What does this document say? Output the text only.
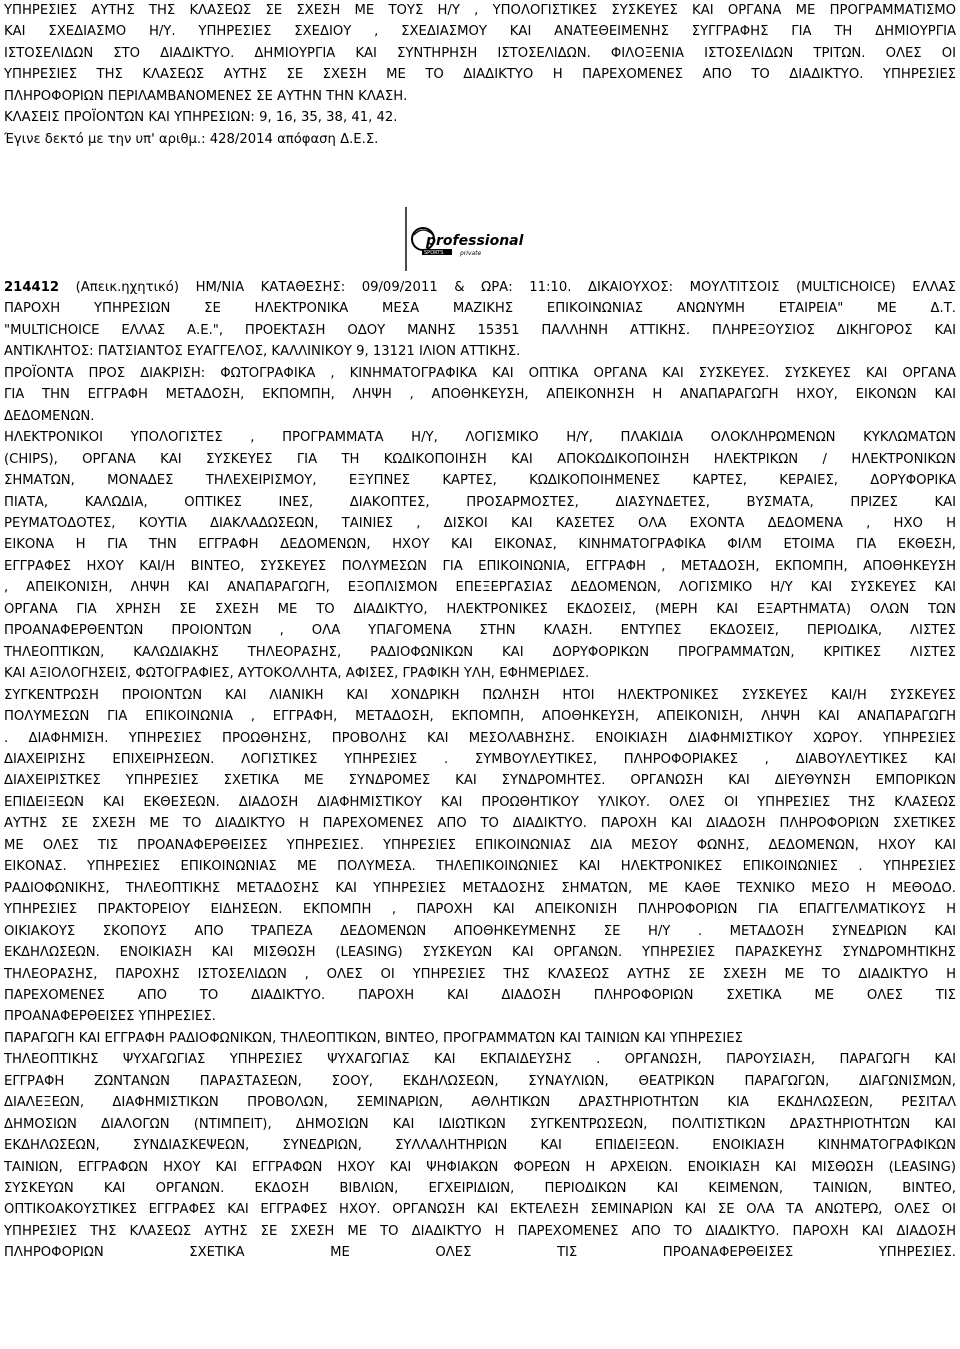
ΥΠΗΡΕΣΙΕΣ ΑΥΤΗΣ ΤΗΣ ΚΛΑΣΕΩΣ ΣΕ ΣΧΕΣΗ ΜΕ ΤΟΥΣ Η/Υ , ΥΠΟΛΟΓΙΣΤΙΚΕΣ ΣΥΣΚΕΥΕΣ ΚΑΙ ΟΡΓΑΝΑ ΜΕ ΠΡΟΓΡΑΜΜΑΤΙΣΜΟ
ΚΑΙ ΣΧΕΔΙΑΣΜΟ Η/Υ. ΥΠΗΡΕΣΙΕΣ ΣΧΕΔΙΟΥ , ΣΧΕΔΙΑΣΜΟΥ ΚΑΙ ΑΝΑΤΕΘΕΙΜΕΝΗΣ ΣΥΓΓΡΑΦΗΣ ΓΙΑ ΤΗ ΔΗΜΙΟΥΡΓΙΑ
ΙΣΤΟΣΕΛΙΔΩΝ ΣΤΟ ΔΙΑΔΙΚΤΥΟ. ΔΗΜΙΟΥΡΓΙΑ ΚΑΙ ΣΥΝΤΗΡΗΣΗ ΙΣΤΟΣΕΛΙΔΩΝ. ΦΙΛΟΞΕΝΙΑ ΙΣΤΟΣΕΛΙΔΩΝ ΤΡΙΤΩΝ. ΟΛΕΣ ΟΙ
ΥΠΗΡΕΣΙΕΣ ΤΗΣ ΚΛΑΣΕΩΣ ΑΥΤΗΣ ΣΕ ΣΧΕΣΗ ΜΕ ΤΟ ΔΙΑΔΙΚΤΥΟ Η ΠΑΡΕΧΟΜΕΝΕΣ ΑΠΟ ΤΟ ΔΙΑΔΙΚΤΥΟ. ΥΠΗΡΕΣΙΕΣ
ΠΛΗΡΟΦΟΡΙΩΝ ΠΕΡΙΛΑΜΒΑΝΟΜΕΝΕΣ ΣΕ ΑΥΤΗΝ ΤΗΝ ΚΛΑΣΗ.
ΚΛΑΣΕΙΣ ΠΡΟΪΟΝΤΩΝ ΚΑΙ ΥΠΗΡΕΣΙΩΝ: 9, 16, 35, 38, 41, 42.
Έγινε δεκτό με την υπ' αριθμ.: 428/2014 απόφαση Δ.Ε.Σ.
professional
SPORTS	private
214412 (Απεικ.ηχητικό) ΗΜ/ΝΙΑ ΚΑΤΑΘΕΣΗΣ: 09/09/2011 & ΩΡΑ: 11:10. ΔΙΚΑΙΟΥΧΟΣ: ΜΟΥΛΤΙΤΣΟΙΣ (MULTICHOICE) ΕΛΛΑΣ
ΠΑΡΟΧΗ ΥΠΗΡΕΣΙΩΝ ΣΕ ΗΛΕΚΤΡΟΝΙΚΑ ΜΕΣΑ ΜΑΖΙΚΗΣ ΕΠΙΚΟΙΝΩΝΙΑΣ ΑΝΩΝΥΜΗ ΕΤΑΙΡΕΙΑ" ΜΕ Δ.Τ.
"MULTICHOICE ΕΛΛΑΣ Α.Ε.", ΠΡΟΕΚΤΑΣΗ ΟΔΟΥ ΜΑΝΗΣ 15351 ΠΑΛΛΗΝΗ ΑΤΤΙΚΗΣ. ΠΛΗΡΕΞΟΥΣΙΟΣ ΔΙΚΗΓΟΡΟΣ ΚΑΙ
ΑΝΤΙΚΛΗΤΟΣ: ΠΑΤΣΙΑΝΤΟΣ ΕΥΑΓΓΕΛΟΣ, ΚΑΛΛΙΝΙΚΟΥ 9, 13121 ΙΛΙΟΝ ΑΤΤΙΚΗΣ.
ΠΡΟΪΟΝΤΑ ΠΡΟΣ ΔΙΑΚΡΙΣΗ: ΦΩΤΟΓΡΑΦΙΚΑ , ΚΙΝΗΜΑΤΟΓΡΑΦΙΚΑ ΚΑΙ ΟΠΤΙΚΑ ΟΡΓΑΝΑ ΚΑΙ ΣΥΣΚΕΥΕΣ. ΣΥΣΚΕΥΕΣ ΚΑΙ ΟΡΓΑΝΑ
ΓΙΑ ΤΗΝ ΕΓΓΡΑΦΗ ΜΕΤΑΔΟΣΗ, ΕΚΠΟΜΠΗ, ΛΗΨΗ , ΑΠΟΘΗΚΕΥΣΗ, ΑΠΕΙΚΟΝΗΣΗ Η ΑΝΑΠΑΡΑΓΩΓΗ ΗΧΟΥ, ΕΙΚΟΝΩΝ ΚΑΙ
ΔΕΔΟΜΕΝΩΝ.
ΗΛΕΚΤΡΟΝΙΚΟΙ ΥΠΟΛΟΓΙΣΤΕΣ , ΠΡΟΓΡΑΜΜΑΤΑ Η/Υ, ΛΟΓΙΣΜΙΚΟ Η/Υ, ΠΛΑΚΙΔΙΑ ΟΛΟΚΛΗΡΩΜΕΝΩΝ ΚΥΚΛΩΜΑΤΩΝ
(CHIPS), ΟΡΓΑΝΑ ΚΑΙ ΣΥΣΚΕΥΕΣ ΓΙΑ ΤΗ ΚΩΔΙΚΟΠΟΙΗΣΗ ΚΑΙ ΑΠΟΚΩΔΙΚΟΠΟΙΗΣΗ ΗΛΕΚΤΡΙΚΩΝ / ΗΛΕΚΤΡΟΝΙΚΩΝ
ΣΗΜΑΤΩΝ, ΜΟΝΑΔΕΣ ΤΗΛΕΧΕΙΡΙΣΜΟΥ, ΕΞΥΠΝΕΣ ΚΑΡΤΕΣ, ΚΩΔΙΚΟΠΟΙΗΜΕΝΕΣ ΚΑΡΤΕΣ, ΚΕΡΑΙΕΣ, ΔΟΡΥΦΟΡΙΚΑ
ΠΙΑΤΑ, ΚΑΛΩΔΙΑ, ΟΠΤΙΚΕΣ ΙΝΕΣ, ΔΙΑΚΟΠΤΕΣ, ΠΡΟΣΑΡΜΟΣΤΕΣ, ΔΙΑΣΥΝΔΕΤΕΣ, ΒΥΣΜΑΤΑ, ΠΡΙΖΕΣ ΚΑΙ
ΡΕΥΜΑΤΟΔΟΤΕΣ, ΚΟΥΤΙΑ ΔΙΑΚΛΑΔΩΣΕΩΝ, ΤΑΙΝΙΕΣ , ΔΙΣΚΟΙ ΚΑΙ ΚΑΣΕΤΕΣ ΟΛΑ ΕΧΟΝΤΑ ΔΕΔΟΜΕΝΑ , ΗΧΟ Η
ΕΙΚΟΝΑ Η ΓΙΑ ΤΗΝ ΕΓΓΡΑΦΗ ΔΕΔΟΜΕΝΩΝ, ΗΧΟΥ ΚΑΙ ΕΙΚΟΝΑΣ, ΚΙΝΗΜΑΤΟΓΡΑΦΙΚΑ ΦΙΛΜ ΕΤΟΙΜΑ ΓΙΑ ΕΚΘΕΣΗ,
ΕΓΓΡΑΦΕΣ ΗΧΟΥ ΚΑΙ/Η ΒΙΝΤΕΟ, ΣΥΣΚΕΥΕΣ ΠΟΛΥΜΕΣΩΝ ΓΙΑ ΕΠΙΚΟΙΝΩΝΙΑ, ΕΓΓΡΑΦΗ , ΜΕΤΑΔΟΣΗ, ΕΚΠΟΜΠΗ, ΑΠΟΘΗΚΕΥΣΗ
, ΑΠΕΙΚΟΝΙΣΗ, ΛΗΨΗ ΚΑΙ ΑΝΑΠΑΡΑΓΩΓΗ, ΕΞΟΠΛΙΣΜΟΝ ΕΠΕΞΕΡΓΑΣΙΑΣ ΔΕΔΟΜΕΝΩΝ, ΛΟΓΙΣΜΙΚΟ Η/Υ ΚΑΙ ΣΥΣΚΕΥΕΣ ΚΑΙ
ΟΡΓΑΝΑ ΓΙΑ ΧΡΗΣΗ ΣΕ ΣΧΕΣΗ ΜΕ ΤΟ ΔΙΑΔΙΚΤΥΟ, ΗΛΕΚΤΡΟΝΙΚΕΣ ΕΚΔΟΣΕΙΣ, (ΜΕΡΗ ΚΑΙ ΕΞΑΡΤΗΜΑΤΑ) ΟΛΩΝ ΤΩΝ
ΠΡΟΑΝΑΦΕΡΘΕΝΤΩΝ ΠΡΟΙΟΝΤΩΝ , ΟΛΑ ΥΠΑΓΟΜΕΝΑ ΣΤΗΝ ΚΛΑΣΗ. ΕΝΤΥΠΕΣ ΕΚΔΟΣΕΙΣ, ΠΕΡΙΟΔΙΚΑ, ΛΙΣΤΕΣ
ΤΗΛΕΟΠΤΙΚΩΝ, ΚΑΛΩΔΙΑΚΗΣ ΤΗΛΕΟΡΑΣΗΣ, ΡΑΔΙΟΦΩΝΙΚΩΝ ΚΑΙ ΔΟΡΥΦΟΡΙΚΩΝ ΠΡΟΓΡΑΜΜΑΤΩΝ, ΚΡΙΤΙΚΕΣ ΛΙΣΤΕΣ
ΚΑΙ ΑΞΙΟΛΟΓΗΣΕΙΣ, ΦΩΤΟΓΡΑΦΙΕΣ, ΑΥΤΟΚΟΛΛΗΤΑ, ΑΦΙΣΕΣ, ΓΡΑΦΙΚΗ ΥΛΗ, ΕΦΗΜΕΡΙΔΕΣ.
ΣΥΓΚΕΝΤΡΩΣΗ ΠΡΟΙΟΝΤΩΝ ΚΑΙ ΛΙΑΝΙΚΗ ΚΑΙ ΧΟΝΔΡΙΚΗ ΠΩΛΗΣΗ ΗΤΟΙ ΗΛΕΚΤΡΟΝΙΚΕΣ ΣΥΣΚΕΥΕΣ ΚΑΙ/Η ΣΥΣΚΕΥΕΣ
ΠΟΛΥΜΕΣΩΝ ΓΙΑ ΕΠΙΚΟΙΝΩΝΙΑ , ΕΓΓΡΑΦΗ, ΜΕΤΑΔΟΣΗ, ΕΚΠΟΜΠΗ, ΑΠΟΘΗΚΕΥΣΗ, ΑΠΕΙΚΟΝΙΣΗ, ΛΗΨΗ ΚΑΙ ΑΝΑΠΑΡΑΓΩΓΗ
. ΔΙΑΦΗΜΙΣΗ. ΥΠΗΡΕΣΙΕΣ ΠΡΟΩΘΗΣΗΣ, ΠΡΟΒΟΛΗΣ ΚΑΙ ΜΕΣΟΛΑΒΗΣΗΣ. ΕΝΟΙΚΙΑΣΗ ΔΙΑΦΗΜΙΣΤΙΚΟΥ ΧΩΡΟΥ. ΥΠΗΡΕΣΙΕΣ
ΔΙΑΧΕΙΡΙΣΗΣ ΕΠΙΧΕΙΡΗΣΕΩΝ. ΛΟΓΙΣΤΙΚΕΣ ΥΠΗΡΕΣΙΕΣ . ΣΥΜΒΟΥΛΕΥΤΙΚΕΣ, ΠΛΗΡΟΦΟΡΙΑΚΕΣ , ΔΙΑΒΟΥΛΕΥΤΙΚΕΣ ΚΑΙ
ΔΙΑΧΕΙΡΙΣΤΚΕΣ ΥΠΗΡΕΣΙΕΣ ΣΧΕΤΙΚΑ ΜΕ ΣΥΝΔΡΟΜΕΣ ΚΑΙ ΣΥΝΔΡΟΜΗΤΕΣ. ΟΡΓΑΝΩΣΗ ΚΑΙ ΔΙΕΥΘΥΝΣΗ ΕΜΠΟΡΙΚΩΝ
ΕΠΙΔΕΙΞΕΩΝ ΚΑΙ ΕΚΘΕΣΕΩΝ. ΔΙΑΔΟΣΗ ΔΙΑΦΗΜΙΣΤΙΚΟΥ ΚΑΙ ΠΡΟΩΘΗΤΙΚΟΥ ΥΛΙΚΟΥ. ΟΛΕΣ ΟΙ ΥΠΗΡΕΣΙΕΣ ΤΗΣ ΚΛΑΣΕΩΣ
ΑΥΤΗΣ ΣΕ ΣΧΕΣΗ ΜΕ ΤΟ ΔΙΑΔΙΚΤΥΟ Η ΠΑΡΕΧΟΜΕΝΕΣ ΑΠΟ ΤΟ ΔΙΑΔΙΚΤΥΟ. ΠΑΡΟΧΗ ΚΑΙ ΔΙΑΔΟΣΗ ΠΛΗΡΟΦΟΡΙΩΝ ΣΧΕΤΙΚΕΣ
ΜΕ ΟΛΕΣ ΤΙΣ ΠΡΟΑΝΑΦΕΡΘΕΙΣΕΣ ΥΠΗΡΕΣΙΕΣ. ΥΠΗΡΕΣΙΕΣ ΕΠΙΚΟΙΝΩΝΙΑΣ ΔΙΑ ΜΕΣΟΥ ΦΩΝΗΣ, ΔΕΔΟΜΕΝΩΝ, ΗΧΟΥ ΚΑΙ
ΕΙΚΟΝΑΣ. ΥΠΗΡΕΣΙΕΣ ΕΠΙΚΟΙΝΩΝΙΑΣ ΜΕ ΠΟΛΥΜΕΣΑ. ΤΗΛΕΠΙΚΟΙΝΩΝΙΕΣ ΚΑΙ ΗΛΕΚΤΡΟΝΙΚΕΣ ΕΠΙΚΟΙΝΩΝΙΕΣ . ΥΠΗΡΕΣΙΕΣ
ΡΑΔΙΟΦΩΝΙΚΗΣ, ΤΗΛΕΟΠΤΙΚΗΣ ΜΕΤΑΔΟΣΗΣ ΚΑΙ ΥΠΗΡΕΣΙΕΣ ΜΕΤΑΔΟΣΗΣ ΣΗΜΑΤΩΝ, ΜΕ ΚΑΘΕ ΤΕΧΝΙΚΟ ΜΕΣΟ Η ΜΕΘΟΔΟ.
ΥΠΗΡΕΣΙΕΣ ΠΡΑΚΤΟΡΕΙΟΥ ΕΙΔΗΣΕΩΝ. ΕΚΠΟΜΠΗ , ΠΑΡΟΧΗ ΚΑΙ ΑΠΕΙΚΟΝΙΣΗ ΠΛΗΡΟΦΟΡΙΩΝ ΓΙΑ ΕΠΑΓΓΕΛΜΑΤΙΚΟΥΣ Η
ΟΙΚΙΑΚΟΥΣ ΣΚΟΠΟΥΣ ΑΠΟ ΤΡΑΠΕΖΑ ΔΕΔΟΜΕΝΩΝ ΑΠΟΘΗΚΕΥΜΕΝΗΣ ΣΕ Η/Υ . ΜΕΤΑΔΟΣΗ ΣΥΝΕΔΡΙΩΝ ΚΑΙ
ΕΚΔΗΛΩΣΕΩΝ. ΕΝΟΙΚΙΑΣΗ ΚΑΙ ΜΙΣΘΩΣΗ (LEASING) ΣΥΣΚΕΥΩΝ ΚΑΙ ΟΡΓΑΝΩΝ. ΥΠΗΡΕΣΙΕΣ ΠΑΡΑΣΚΕΥΗΣ ΣΥΝΔΡΟΜΗΤΙΚΗΣ
ΤΗΛΕΟΡΑΣΗΣ, ΠΑΡΟΧΗΣ ΙΣΤΟΣΕΛΙΔΩΝ , ΟΛΕΣ ΟΙ ΥΠΗΡΕΣΙΕΣ ΤΗΣ ΚΛΑΣΕΩΣ ΑΥΤΗΣ ΣΕ ΣΧΕΣΗ ΜΕ ΤΟ ΔΙΑΔΙΚΤΥΟ Η
ΠΑΡΕΧΟΜΕΝΕΣ ΑΠΟ ΤΟ ΔΙΑΔΙΚΤΥΟ. ΠΑΡΟΧΗ ΚΑΙ ΔΙΑΔΟΣΗ ΠΛΗΡΟΦΟΡΙΩΝ ΣΧΕΤΙΚΑ ΜΕ ΟΛΕΣ ΤΙΣ
ΠΡΟΑΝΑΦΕΡΘΕΙΣΕΣ ΥΠΗΡΕΣΙΕΣ.
ΠΑΡΑΓΩΓΗ ΚΑΙ ΕΓΓΡΑΦΗ ΡΑΔΙΟΦΩΝΙΚΩΝ, ΤΗΛΕΟΠΤΙΚΩΝ, ΒΙΝΤΕΟ, ΠΡΟΓΡΑΜΜΑΤΩΝ ΚΑΙ ΤΑΙΝΙΩΝ ΚΑΙ ΥΠΗΡΕΣΙΕΣ
ΤΗΛΕΟΠΤΙΚΗΣ ΨΥΧΑΓΩΓΙΑΣ ΥΠΗΡΕΣΙΕΣ ΨΥΧΑΓΩΓΙΑΣ ΚΑΙ ΕΚΠΑΙΔΕΥΣΗΣ . ΟΡΓΑΝΩΣΗ, ΠΑΡΟΥΣΙΑΣΗ, ΠΑΡΑΓΩΓΗ ΚΑΙ
ΕΓΓΡΑΦΗ ΖΩΝΤΑΝΩΝ ΠΑΡΑΣΤΑΣΕΩΝ, ΣΟΟΥ, ΕΚΔΗΛΩΣΕΩΝ, ΣΥΝΑΥΛΙΩΝ, ΘΕΑΤΡΙΚΩΝ ΠΑΡΑΓΩΓΩΝ, ΔΙΑΓΩΝΙΣΜΩΝ,
ΔΙΑΛΕΞΕΩΝ, ΔΙΑΦΗΜΙΣΤΙΚΩΝ ΠΡΟΒΟΛΩΝ, ΣΕΜΙΝΑΡΙΩΝ, ΑΘΛΗΤΙΚΩΝ ΔΡΑΣΤΗΡΙΟΤΗΤΩΝ ΚΙΑ ΕΚΔΗΛΩΣΕΩΝ, ΡΕΣΙΤΑΛ
ΔΗΜΟΣΙΩΝ ΔΙΑΛΟΓΩΝ (ΝΤΙΜΠΕΙΤ), ΔΗΜΟΣΙΩΝ ΚΑΙ ΙΔΙΩΤΙΚΩΝ ΣΥΓΚΕΝΤΡΩΣΕΩΝ, ΠΟΛΙΤΙΣΤΙΚΩΝ ΔΡΑΣΤΗΡΙΟΤΗΤΩΝ ΚΑΙ
ΕΚΔΗΛΩΣΕΩΝ, ΣΥΝΔΙΑΣΚΕΨΕΩΝ, ΣΥΝΕΔΡΙΩΝ, ΣΥΛΛΑΛΗΤΗΡΙΩΝ ΚΑΙ ΕΠΙΔΕΙΞΕΩΝ. ΕΝΟΙΚΙΑΣΗ ΚΙΝΗΜΑΤΟΓΡΑΦΙΚΩΝ
ΤΑΙΝΙΩΝ, ΕΓΓΡΑΦΩΝ ΗΧΟΥ ΚΑΙ ΕΓΓΡΑΦΩΝ ΗΧΟΥ ΚΑΙ ΨΗΦΙΑΚΩΝ ΦΟΡΕΩΝ Η ΑΡΧΕΙΩΝ. ΕΝΟΙΚΙΑΣΗ ΚΑΙ ΜΙΣΘΩΣΗ (LEASING)
ΣΥΣΚΕΥΩΝ ΚΑΙ ΟΡΓΑΝΩΝ. ΕΚΔΟΣΗ ΒΙΒΛΙΩΝ, ΕΓΧΕΙΡΙΔΙΩΝ, ΠΕΡΙΟΔΙΚΩΝ ΚΑΙ ΚΕΙΜΕΝΩΝ, ΤΑΙΝΙΩΝ, ΒΙΝΤΕΟ,
ΟΠΤΙΚΟΑΚΟΥΣΤΙΚΕΣ ΕΓΓΡΑΦΕΣ ΚΑΙ ΕΓΓΡΑΦΕΣ ΗΧΟΥ. ΟΡΓΑΝΩΣΗ ΚΑΙ ΕΚΤΕΛΕΣΗ ΣΕΜΙΝΑΡΙΩΝ ΚΑΙ ΣΕ ΟΛΑ ΤΑ ΑΝΩΤΕΡΩ, ΟΛΕΣ ΟΙ
ΥΠΗΡΕΣΙΕΣ ΤΗΣ ΚΛΑΣΕΩΣ ΑΥΤΗΣ ΣΕ ΣΧΕΣΗ ΜΕ ΤΟ ΔΙΑΔΙΚΤΥΟ Η ΠΑΡΕΧΟΜΕΝΕΣ ΑΠΟ ΤΟ ΔΙΑΔΙΚΤΥΟ. ΠΑΡΟΧΗ ΚΑΙ ΔΙΑΔΟΣΗ
ΠΛΗΡΟΦΟΡΙΩΝ ΣΧΕΤΙΚΑ ΜΕ ΟΛΕΣ ΤΙΣ ΠΡΟΑΝΑΦΕΡΘΕΙΣΕΣ ΥΠΗΡΕΣΙΕΣ.
